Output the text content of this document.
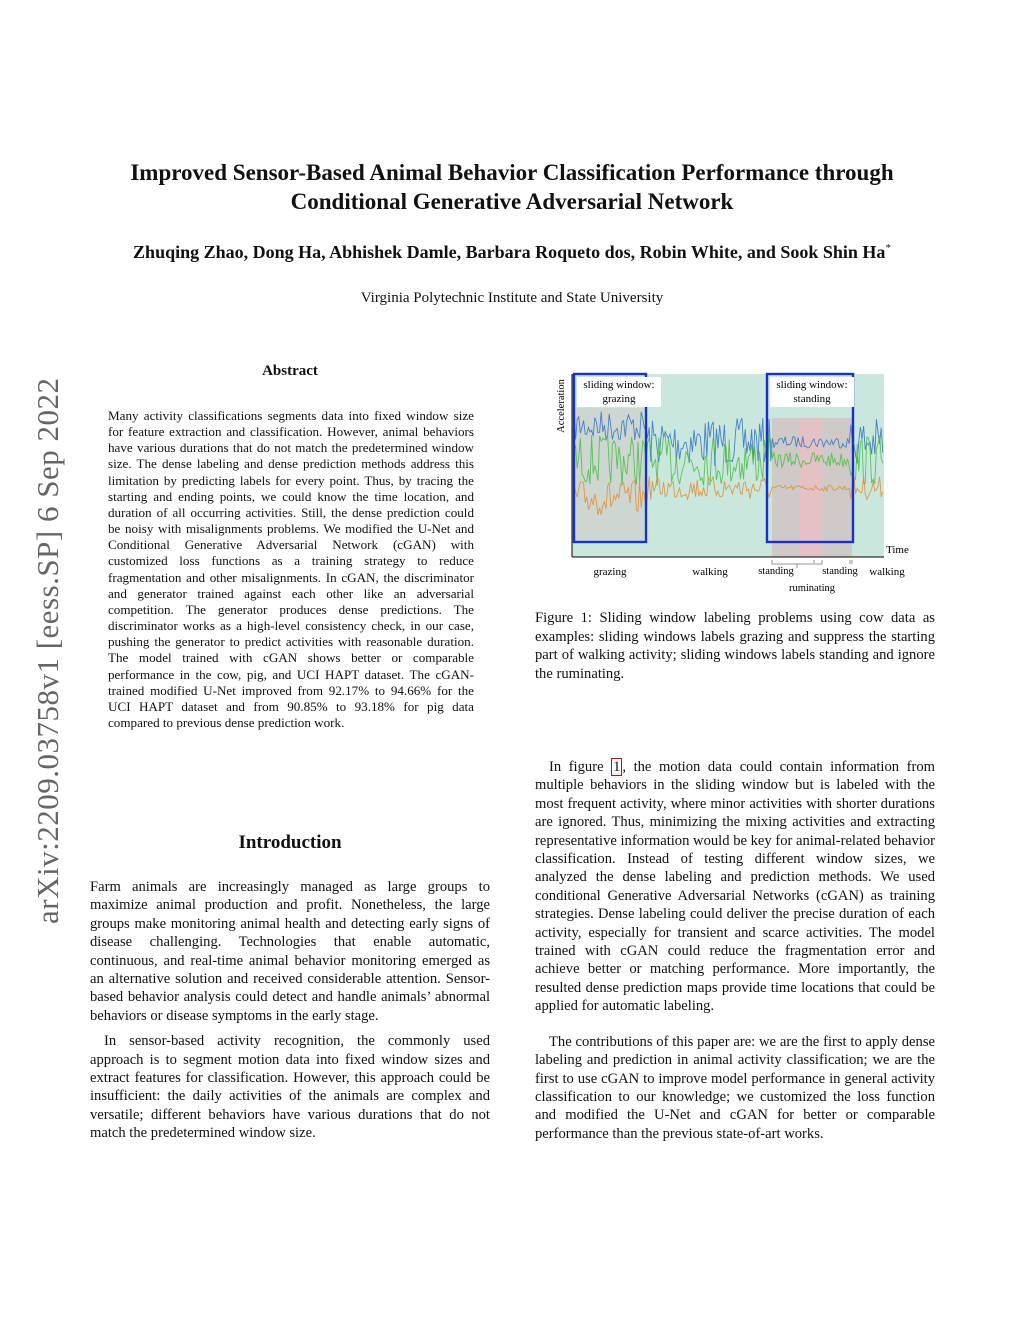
Improved Sensor-Based Animal Behavior Classification Performance through Conditional Generative Adversarial Network
Zhuqing Zhao, Dong Ha, Abhishek Damle, Barbara Roqueto dos, Robin White, and Sook Shin Ha*
Virginia Polytechnic Institute and State University
arXiv:2209.03758v1 [eess.SP] 6 Sep 2022
Abstract
Many activity classifications segments data into fixed window size for feature extraction and classification. However, animal behaviors have various durations that do not match the predetermined window size. The dense labeling and dense prediction methods address this limitation by predicting labels for every point. Thus, by tracing the starting and ending points, we could know the time location, and duration of all occurring activities. Still, the dense prediction could be noisy with misalignments problems. We modified the U-Net and Conditional Generative Adversarial Network (cGAN) with customized loss functions as a training strategy to reduce fragmentation and other misalignments. In cGAN, the discriminator and generator trained against each other like an adversarial competition. The generator produces dense predictions. The discriminator works as a high-level consistency check, in our case, pushing the generator to predict activities with reasonable duration. The model trained with cGAN shows better or comparable performance in the cow, pig, and UCI HAPT dataset. The cGAN-trained modified U-Net improved from 92.17% to 94.66% for the UCI HAPT dataset and from 90.85% to 93.18% for pig data compared to previous dense prediction work.
Introduction

Farm animals are increasingly managed as large groups to maximize animal production and profit. Nonetheless, the large groups make monitoring animal health and detecting early signs of disease challenging. Technologies that enable automatic, continuous, and real-time animal behavior monitoring emerged as an alternative solution and received considerable attention. Sensor-based behavior analysis could detect and handle animals’ abnormal behaviors or disease symptoms in the early stage.

In sensor-based activity recognition, the commonly used approach is to segment motion data into fixed window sizes and extract features for classification. However, this approach could be insufficient: the daily activities of the animals are complex and versatile; different behaviors have various durations that do not match the predetermined window size.

sliding window:
grazing
sliding window:
standing
Acceleration
Time
grazing	walking	standing	standing walking
ruminating
Figure 1: Sliding window labeling problems using cow data as examples: sliding windows labels grazing and suppress the starting part of walking activity; sliding windows labels standing and ignore the ruminating.

In figure 1 , the motion data could contain information from multiple behaviors in the sliding window but is labeled with the most frequent activity, where minor activities with shorter durations are ignored. Thus, minimizing the mixing activities and extracting representative information would be key for animal-related behavior classification. Instead of testing different window sizes, we analyzed the dense labeling and prediction methods. We used conditional Generative Adversarial Networks (cGAN) as training strategies. Dense labeling could deliver the precise duration of each activity, especially for transient and scarce activities. The model trained with cGAN could reduce the fragmentation error and achieve better or matching performance. More importantly, the resulted dense prediction maps provide time locations that could be applied for automatic labeling.

The contributions of this paper are: we are the first to apply dense labeling and prediction in animal activity classification; we are the first to use cGAN to improve model performance in general activity classification to our knowledge; we customized the loss function and modified the U-Net and cGAN for better or comparable performance than the previous state-of-art works.
